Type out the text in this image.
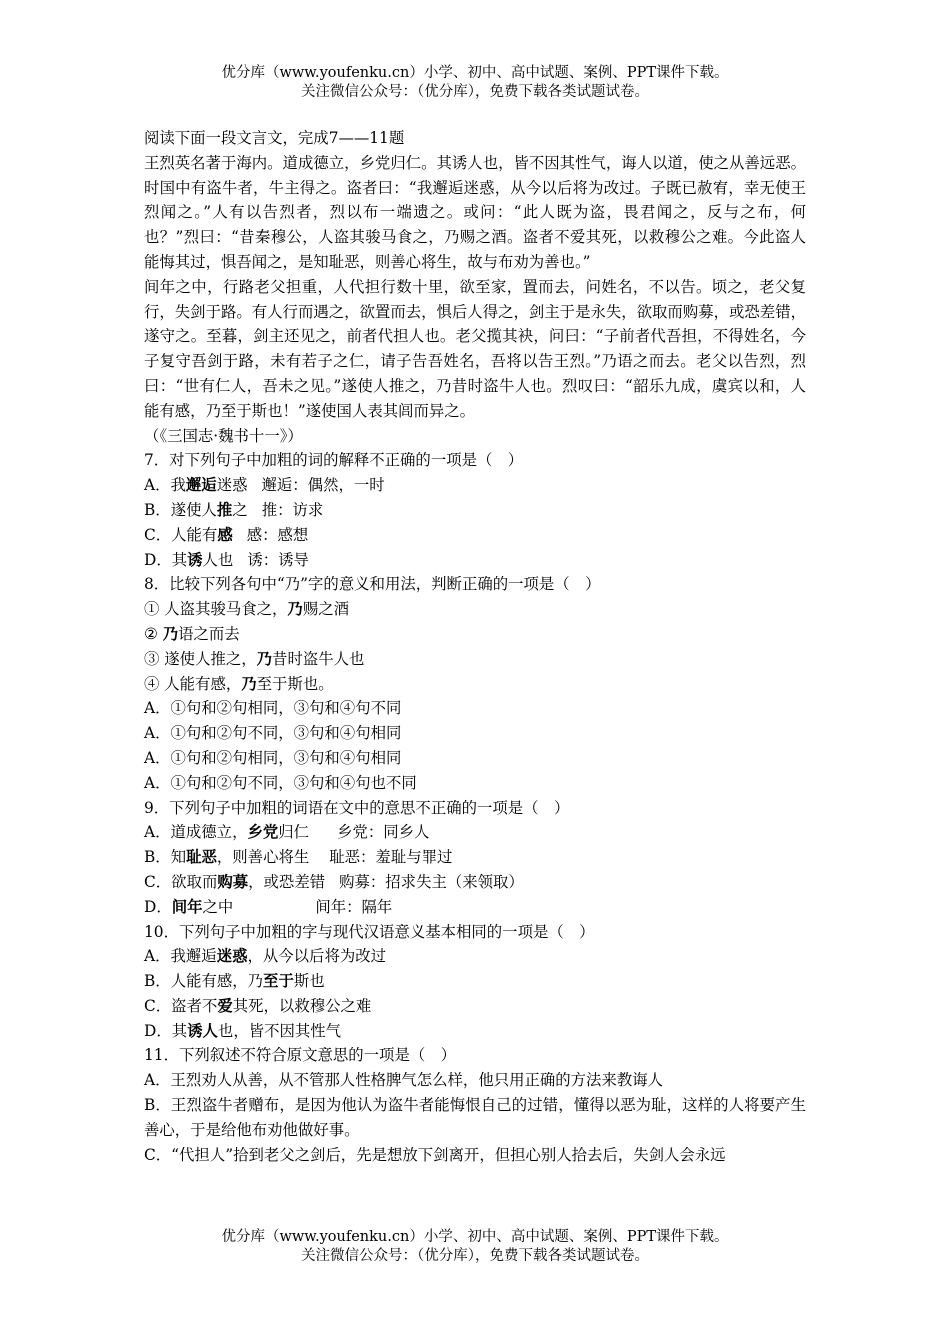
优分库（www.youfenku.cn）小学、初中、高中试题、案例、PPT课件下载。
关注微信公众号：（优分库），免费下载各类试题试卷。

阅读下面一段文言文，完成7——11题

王烈英名著于海内。道成德立，乡党归仁。其诱人也，皆不因其性气，诲人以道，使之从善远恶。时国中有盗牛者，牛主得之。盗者曰：“我邂逅迷惑，从今以后将为改过。子既已赦宥，幸无使王烈闻之。”人有以告烈者，烈以布一端遗之。或问：“此人既为盗，畏君闻之，反与之布，何也？”烈曰：“昔秦穆公，人盗其骏马食之，乃赐之酒。盗者不爱其死，以救穆公之难。今此盗人能悔其过，惧吾闻之，是知耻恶，则善心将生，故与布劝为善也。”

间年之中，行路老父担重，人代担行数十里，欲至家，置而去，问姓名，不以告。顷之，老父复行，失剑于路。有人行而遇之，欲置而去，惧后人得之，剑主于是永失，欲取而购募，或恐差错，遂守之。至暮，剑主还见之，前者代担人也。老父揽其袂，问曰：“子前者代吾担，不得姓名，今子复守吾剑于路，未有若子之仁，请子告吾姓名，吾将以告王烈。”乃语之而去。老父以告烈，烈曰：“世有仁人，吾未之见。”遂使人推之，乃昔时盗牛人也。烈叹曰：“韶乐九成，虞宾以和，人能有感，乃至于斯也！”遂使国人表其闾而异之。

（《三国志·魏书十一》）

7．对下列句子中加粗的词的解释不正确的一项是（　）

A．我邂逅迷惑 邂逅：偶然，一时

B．遂使人推之 推：访求

C．人能有感 感：感想

D．其诱人也 诱：诱导

8．比较下列各句中“乃”字的意义和用法，判断正确的一项是（　）

① 人盗其骏马食之，乃赐之酒

② 乃语之而去

③ 遂使人推之，乃昔时盗牛人也

④ 人能有感，乃至于斯也。

A．①句和②句相同，③句和④句不同

A．①句和②句不同，③句和④句相同

A．①句和②句相同，③句和④句相同

A．①句和②句不同，③句和④句也不同

9．下列句子中加粗的词语在文中的意思不正确的一项是（　）

A．道成德立，乡党归仁 乡党：同乡人

B．知耻恶，则善心将生 耻恶：羞耻与罪过

C．欲取而购募，或恐差错 购募：招求失主（来领取）

D．间年之中	间年：隔年

10．下列句子中加粗的字与现代汉语意义基本相同的一项是（　）

A．我邂逅迷惑，从今以后将为改过

B．人能有感，乃至于斯也

C．盗者不爱其死，以救穆公之难

D．其诱人也，皆不因其性气

11．下列叙述不符合原文意思的一项是（　）

A．王烈劝人从善，从不管那人性格脾气怎么样，他只用正确的方法来教诲人

B．王烈盗牛者赠布，是因为他认为盗牛者能悔恨自己的过错，懂得以恶为耻，这样的人将要产生善心，于是给他布劝他做好事。

C．“代担人”拾到老父之剑后，先是想放下剑离开，但担心别人拾去后，失剑人会永远

优分库（www.youfenku.cn）小学、初中、高中试题、案例、PPT课件下载。
关注微信公众号：（优分库），免费下载各类试题试卷。
